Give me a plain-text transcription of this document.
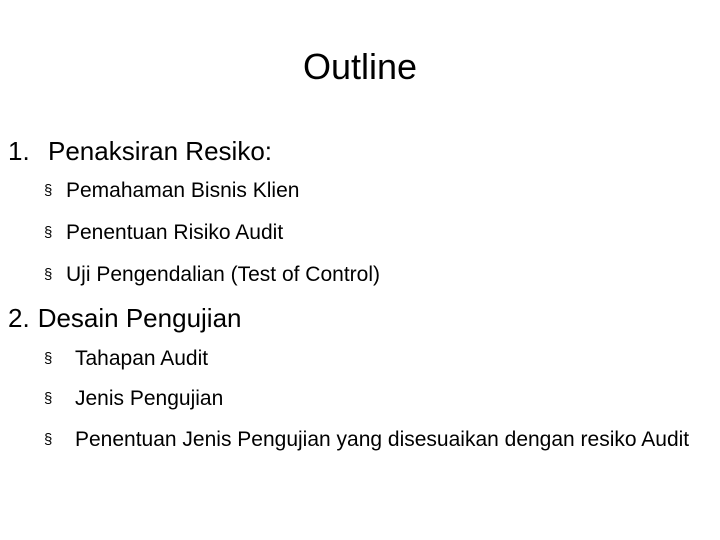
Outline
1. Penaksiran Resiko:
§ Pemahaman Bisnis Klien
§ Penentuan Risiko Audit
§ Uji Pengendalian (Test of Control)
2. Desain Pengujian
§ Tahapan Audit
§ Jenis Pengujian
§ Penentuan Jenis Pengujian yang disesuaikan dengan resiko Audit
